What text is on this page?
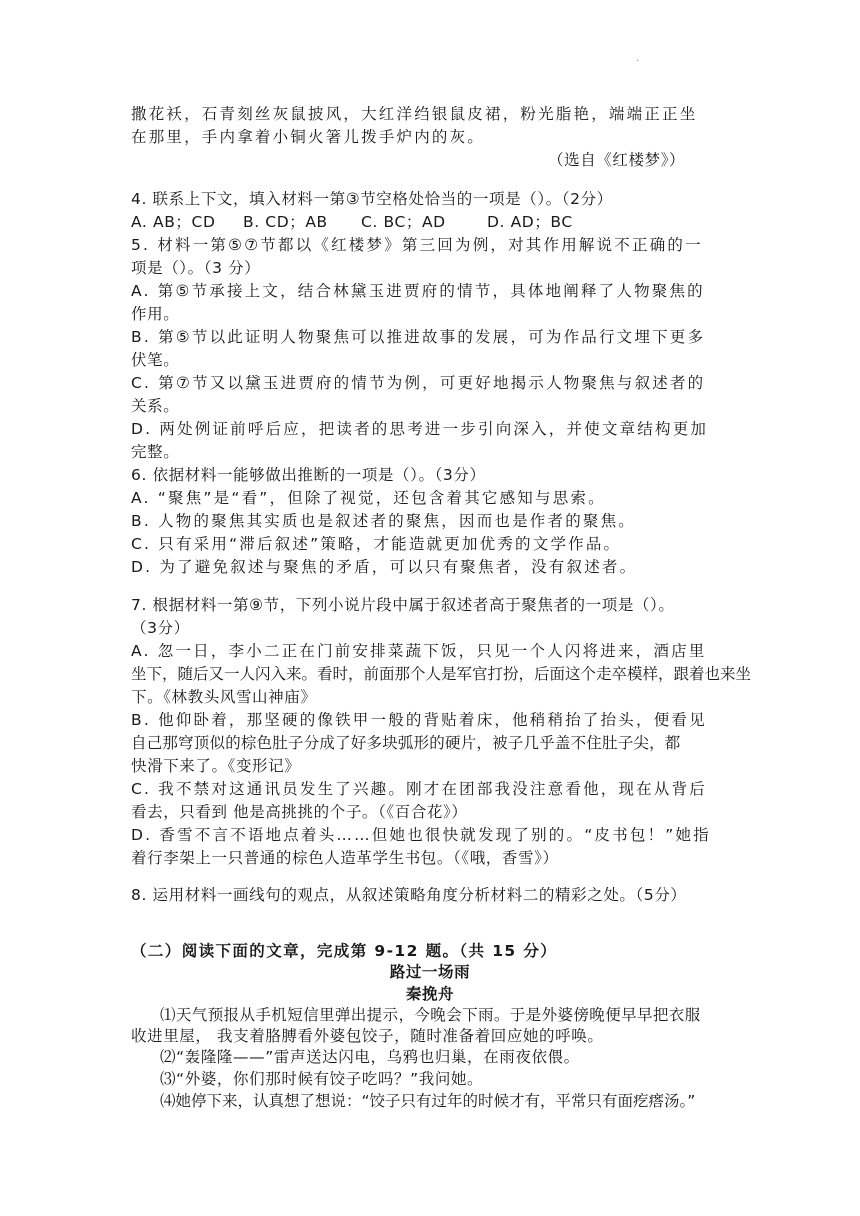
·
撒花袄，石青刻丝灰鼠披风，大红洋绉银鼠皮裙，粉光脂艳，端端正正坐
在那里，手内拿着小铜火箸儿拨手炉内的灰。
（选自《红楼梦》）
4. 联系上下文，填入材料一第③节空格处恰当的一项是（）。（2分）
A. AB；CD B. CD；AB C. BC；AD	D. AD；BC
5. 材料一第⑤⑦节都以《红楼梦》第三回为例，对其作用解说不正确的一
项是（）。（3 分）
A. 第⑤节承接上文，结合林黛玉进贾府的情节，具体地阐释了人物聚焦的
作用。
B. 第⑤节以此证明人物聚焦可以推进故事的发展，可为作品行文埋下更多
伏笔。
C. 第⑦节又以黛玉进贾府的情节为例，可更好地揭示人物聚焦与叙述者的
关系。
D. 两处例证前呼后应，把读者的思考进一步引向深入，并使文章结构更加
完整。
6. 依据材料一能够做出推断的一项是（）。（3分）
A. “聚焦”是“看”，但除了视觉，还包含着其它感知与思索。
B. 人物的聚焦其实质也是叙述者的聚焦，因而也是作者的聚焦。
C. 只有采用“滞后叙述”策略，才能造就更加优秀的文学作品。
D. 为了避免叙述与聚焦的矛盾，可以只有聚焦者，没有叙述者。
7. 根据材料一第⑨节，下列小说片段中属于叙述者高于聚焦者的一项是（）。
（3分）
A. 忽一日，李小二正在门前安排菜蔬下饭，只见一个人闪将进来，酒店里
坐下，随后又一人闪入来。看时，前面那个人是军官打扮，后面这个走卒模样，跟着也来坐
下。《林教头风雪山神庙》
B. 他仰卧着，那坚硬的像铁甲一般的背贴着床，他稍稍抬了抬头，便看见
自己那穹顶似的棕色肚子分成了好多块弧形的硬片，被子几乎盖不住肚子尖，都
快滑下来了。《变形记》
C. 我不禁对这通讯员发生了兴趣。刚才在团部我没注意看他，现在从背后
看去，只看到 他是高挑挑的个子。（《百合花》）
D. 香雪不言不语地点着头……但她也很快就发现了别的。“皮书包！”她指
着行李架上一只普通的棕色人造革学生书包。（《哦，香雪》）
8. 运用材料一画线句的观点，从叙述策略角度分析材料二的精彩之处。（5分）
（二）阅读下面的文章，完成第 9-12 题。（共 15 分）
路过一场雨
秦挽舟
⑴天气预报从手机短信里弹出提示，今晚会下雨。于是外婆傍晚便早早把衣服
收进里屋， 我支着胳膊看外婆包饺子，随时准备着回应她的呼唤。
⑵“轰隆隆——”雷声送达闪电，乌鸦也归巢，在雨夜依偎。
⑶“外婆，你们那时候有饺子吃吗？”我问她。
⑷她停下来，认真想了想说：“饺子只有过年的时候才有，平常只有面疙瘩汤。”
